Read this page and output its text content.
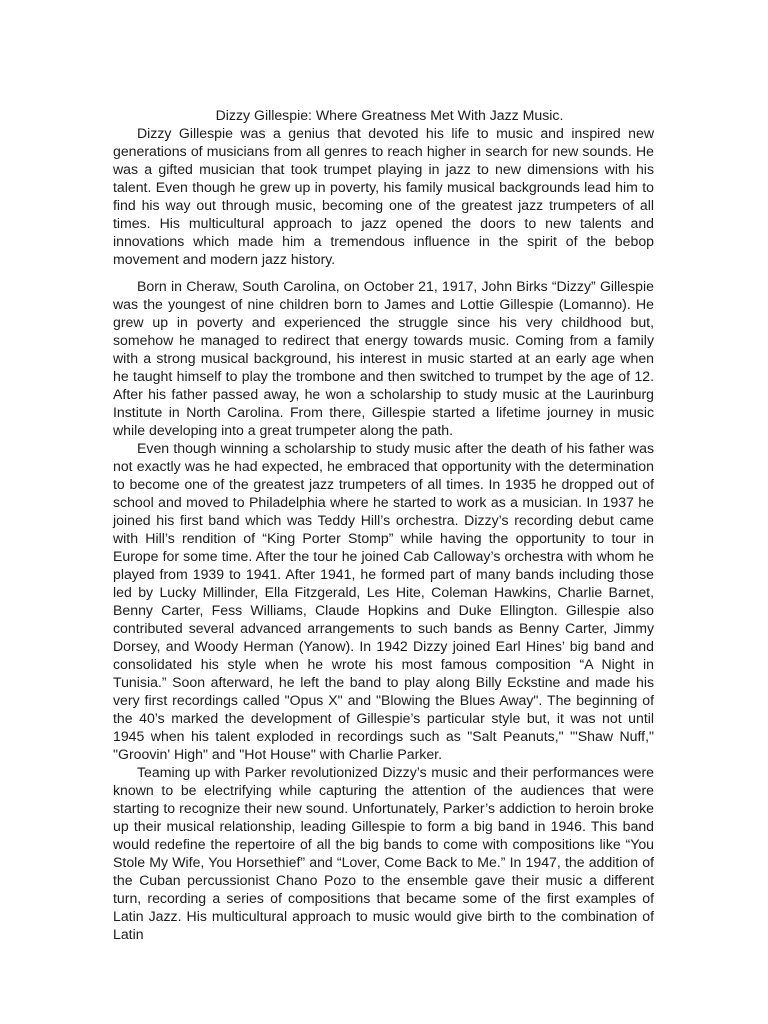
Dizzy Gillespie: Where Greatness Met With Jazz Music.

Dizzy Gillespie was a genius that devoted his life to music and inspired new generations of musicians from all genres to reach higher in search for new sounds. He was a gifted musician that took trumpet playing in jazz to new dimensions with his talent. Even though he grew up in poverty, his family musical backgrounds lead him to find his way out through music, becoming one of the greatest jazz trumpeters of all times. His multicultural approach to jazz opened the doors to new talents and innovations which made him a tremendous influence in the spirit of the bebop movement and modern jazz history.

Born in Cheraw, South Carolina, on October 21, 1917, John Birks “Dizzy” Gillespie was the youngest of nine children born to James and Lottie Gillespie (Lomanno). He grew up in poverty and experienced the struggle since his very childhood but, somehow he managed to redirect that energy towards music. Coming from a family with a strong musical background, his interest in music started at an early age when he taught himself to play the trombone and then switched to trumpet by the age of 12. After his father passed away, he won a scholarship to study music at the Laurinburg Institute in North Carolina. From there, Gillespie started a lifetime journey in music while developing into a great trumpeter along the path.

Even though winning a scholarship to study music after the death of his father was not exactly was he had expected, he embraced that opportunity with the determination to become one of the greatest jazz trumpeters of all times. In 1935 he dropped out of school and moved to Philadelphia where he started to work as a musician. In 1937 he joined his first band which was Teddy Hill’s orchestra. Dizzy’s recording debut came with Hill’s rendition of “King Porter Stomp” while having the opportunity to tour in Europe for some time. After the tour he joined Cab Calloway’s orchestra with whom he played from 1939 to 1941. After 1941, he formed part of many bands including those led by Lucky Millinder, Ella Fitzgerald, Les Hite, Coleman Hawkins, Charlie Barnet, Benny Carter, Fess Williams, Claude Hopkins and Duke Ellington. Gillespie also contributed several advanced arrangements to such bands as Benny Carter, Jimmy Dorsey, and Woody Herman (Yanow). In 1942 Dizzy joined Earl Hines’ big band and consolidated his style when he wrote his most famous composition “A Night in Tunisia.” Soon afterward, he left the band to play along Billy Eckstine and made his very first recordings called "Opus X" and "Blowing the Blues Away". The beginning of the 40’s marked the development of Gillespie’s particular style but, it was not until 1945 when his talent exploded in recordings such as "Salt Peanuts," "'Shaw Nuff," "Groovin' High" and "Hot House" with Charlie Parker.

Teaming up with Parker revolutionized Dizzy’s music and their performances were known to be electrifying while capturing the attention of the audiences that were starting to recognize their new sound. Unfortunately, Parker’s addiction to heroin broke up their musical relationship, leading Gillespie to form a big band in 1946. This band would redefine the repertoire of all the big bands to come with compositions like “You Stole My Wife, You Horsethief” and “Lover, Come Back to Me.” In 1947, the addition of the Cuban percussionist Chano Pozo to the ensemble gave their music a different turn, recording a series of compositions that became some of the first examples of Latin Jazz. His multicultural approach to music would give birth to the combination of Latin
